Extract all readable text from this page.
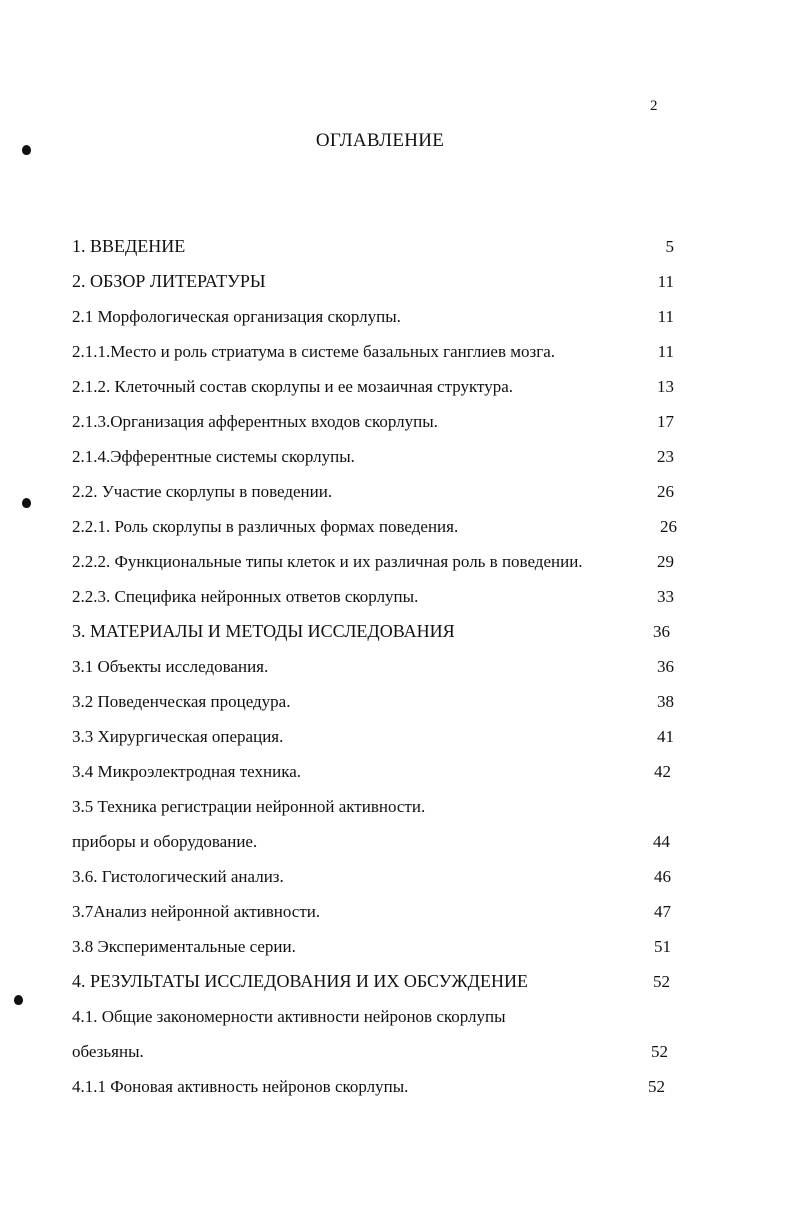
2
ОГЛАВЛЕНИЕ
1. ВВЕДЕНИЕ	5
2. ОБЗОР ЛИТЕРАТУРЫ	11
2.1 Морфологическая организация скорлупы.	11
2.1.1.Место и роль стриатума в системе базальных ганглиев мозга.	11
2.1.2. Клеточный состав скорлупы и ее мозаичная структура.	13
2.1.3.Организация афферентных входов скорлупы.	17
2.1.4.Эфферентные системы скорлупы.	23
2.2. Участие скорлупы в поведении.	26
2.2.1. Роль скорлупы в различных формах поведения.	26
2.2.2. Функциональные типы клеток и их различная роль в поведении.	29
2.2.3. Специфика нейронных ответов скорлупы.	33
3. МАТЕРИАЛЫ И МЕТОДЫ ИССЛЕДОВАНИЯ	36
3.1 Объекты исследования.	36
3.2 Поведенческая процедура.	38
3.3 Хирургическая операция.	41
3.4 Микроэлектродная техника.	42
3.5 Техника регистрации нейронной активности.
приборы и оборудование.	44
3.6. Гистологический анализ.	46
3.7Анализ нейронной активности.	47
3.8 Экспериментальные серии.	51
4. РЕЗУЛЬТАТЫ ИССЛЕДОВАНИЯ И ИХ ОБСУЖДЕНИЕ	52
4.1. Общие закономерности активности нейронов скорлупы
обезьяны.	52
4.1.1 Фоновая активность нейронов скорлупы.	52
